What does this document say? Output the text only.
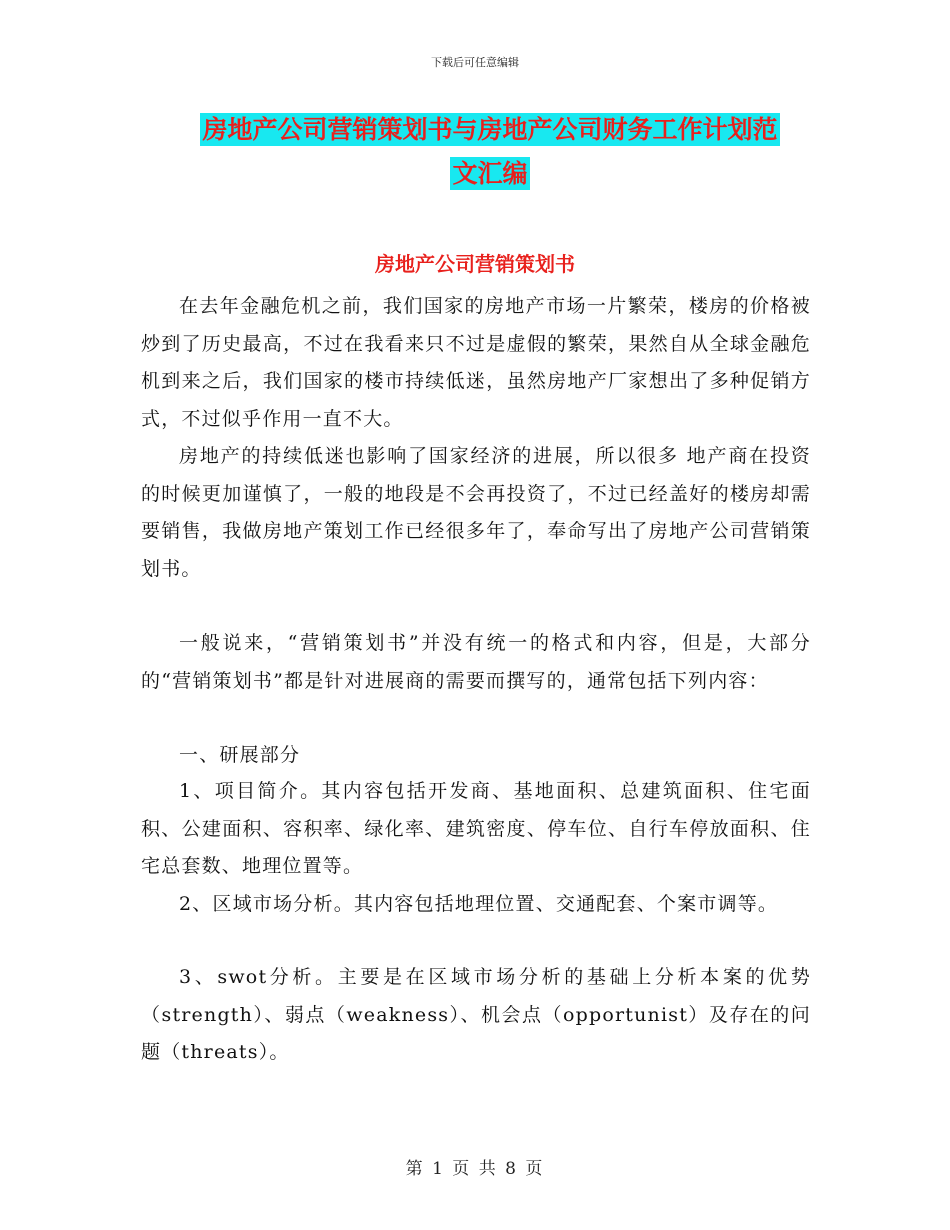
下载后可任意编辑
房地产公司营销策划书与房地产公司财务工作计划范
文汇编
房地产公司营销策划书

在去年金融危机之前，我们国家的房地产市场一片繁荣，楼房的价格被炒到了历史最高，不过在我看来只不过是虚假的繁荣，果然自从全球金融危机到来之后，我们国家的楼市持续低迷，虽然房地产厂家想出了多种促销方式，不过似乎作用一直不大。

房地产的持续低迷也影响了国家经济的进展，所以很多 地产商在投资的时候更加谨慎了，一般的地段是不会再投资了，不过已经盖好的楼房却需要销售，我做房地产策划工作已经很多年了，奉命写出了房地产公司营销策划书。

一般说来，“营销策划书”并没有统一的格式和内容，但是，大部分的“营销策划书”都是针对进展商的需要而撰写的，通常包括下列内容：

一、研展部分

1、项目简介。其内容包括开发商、基地面积、总建筑面积、住宅面积、公建面积、容积率、绿化率、建筑密度、停车位、自行车停放面积、住宅总套数、地理位置等。

2、区域市场分析。其内容包括地理位置、交通配套、个案市调等。

3、swot分析。主要是在区域市场分析的基础上分析本案的优势（strength）、弱点（weakness）、机会点（opportunist）及存在的问题（threats）。

第 1 页 共 8 页
